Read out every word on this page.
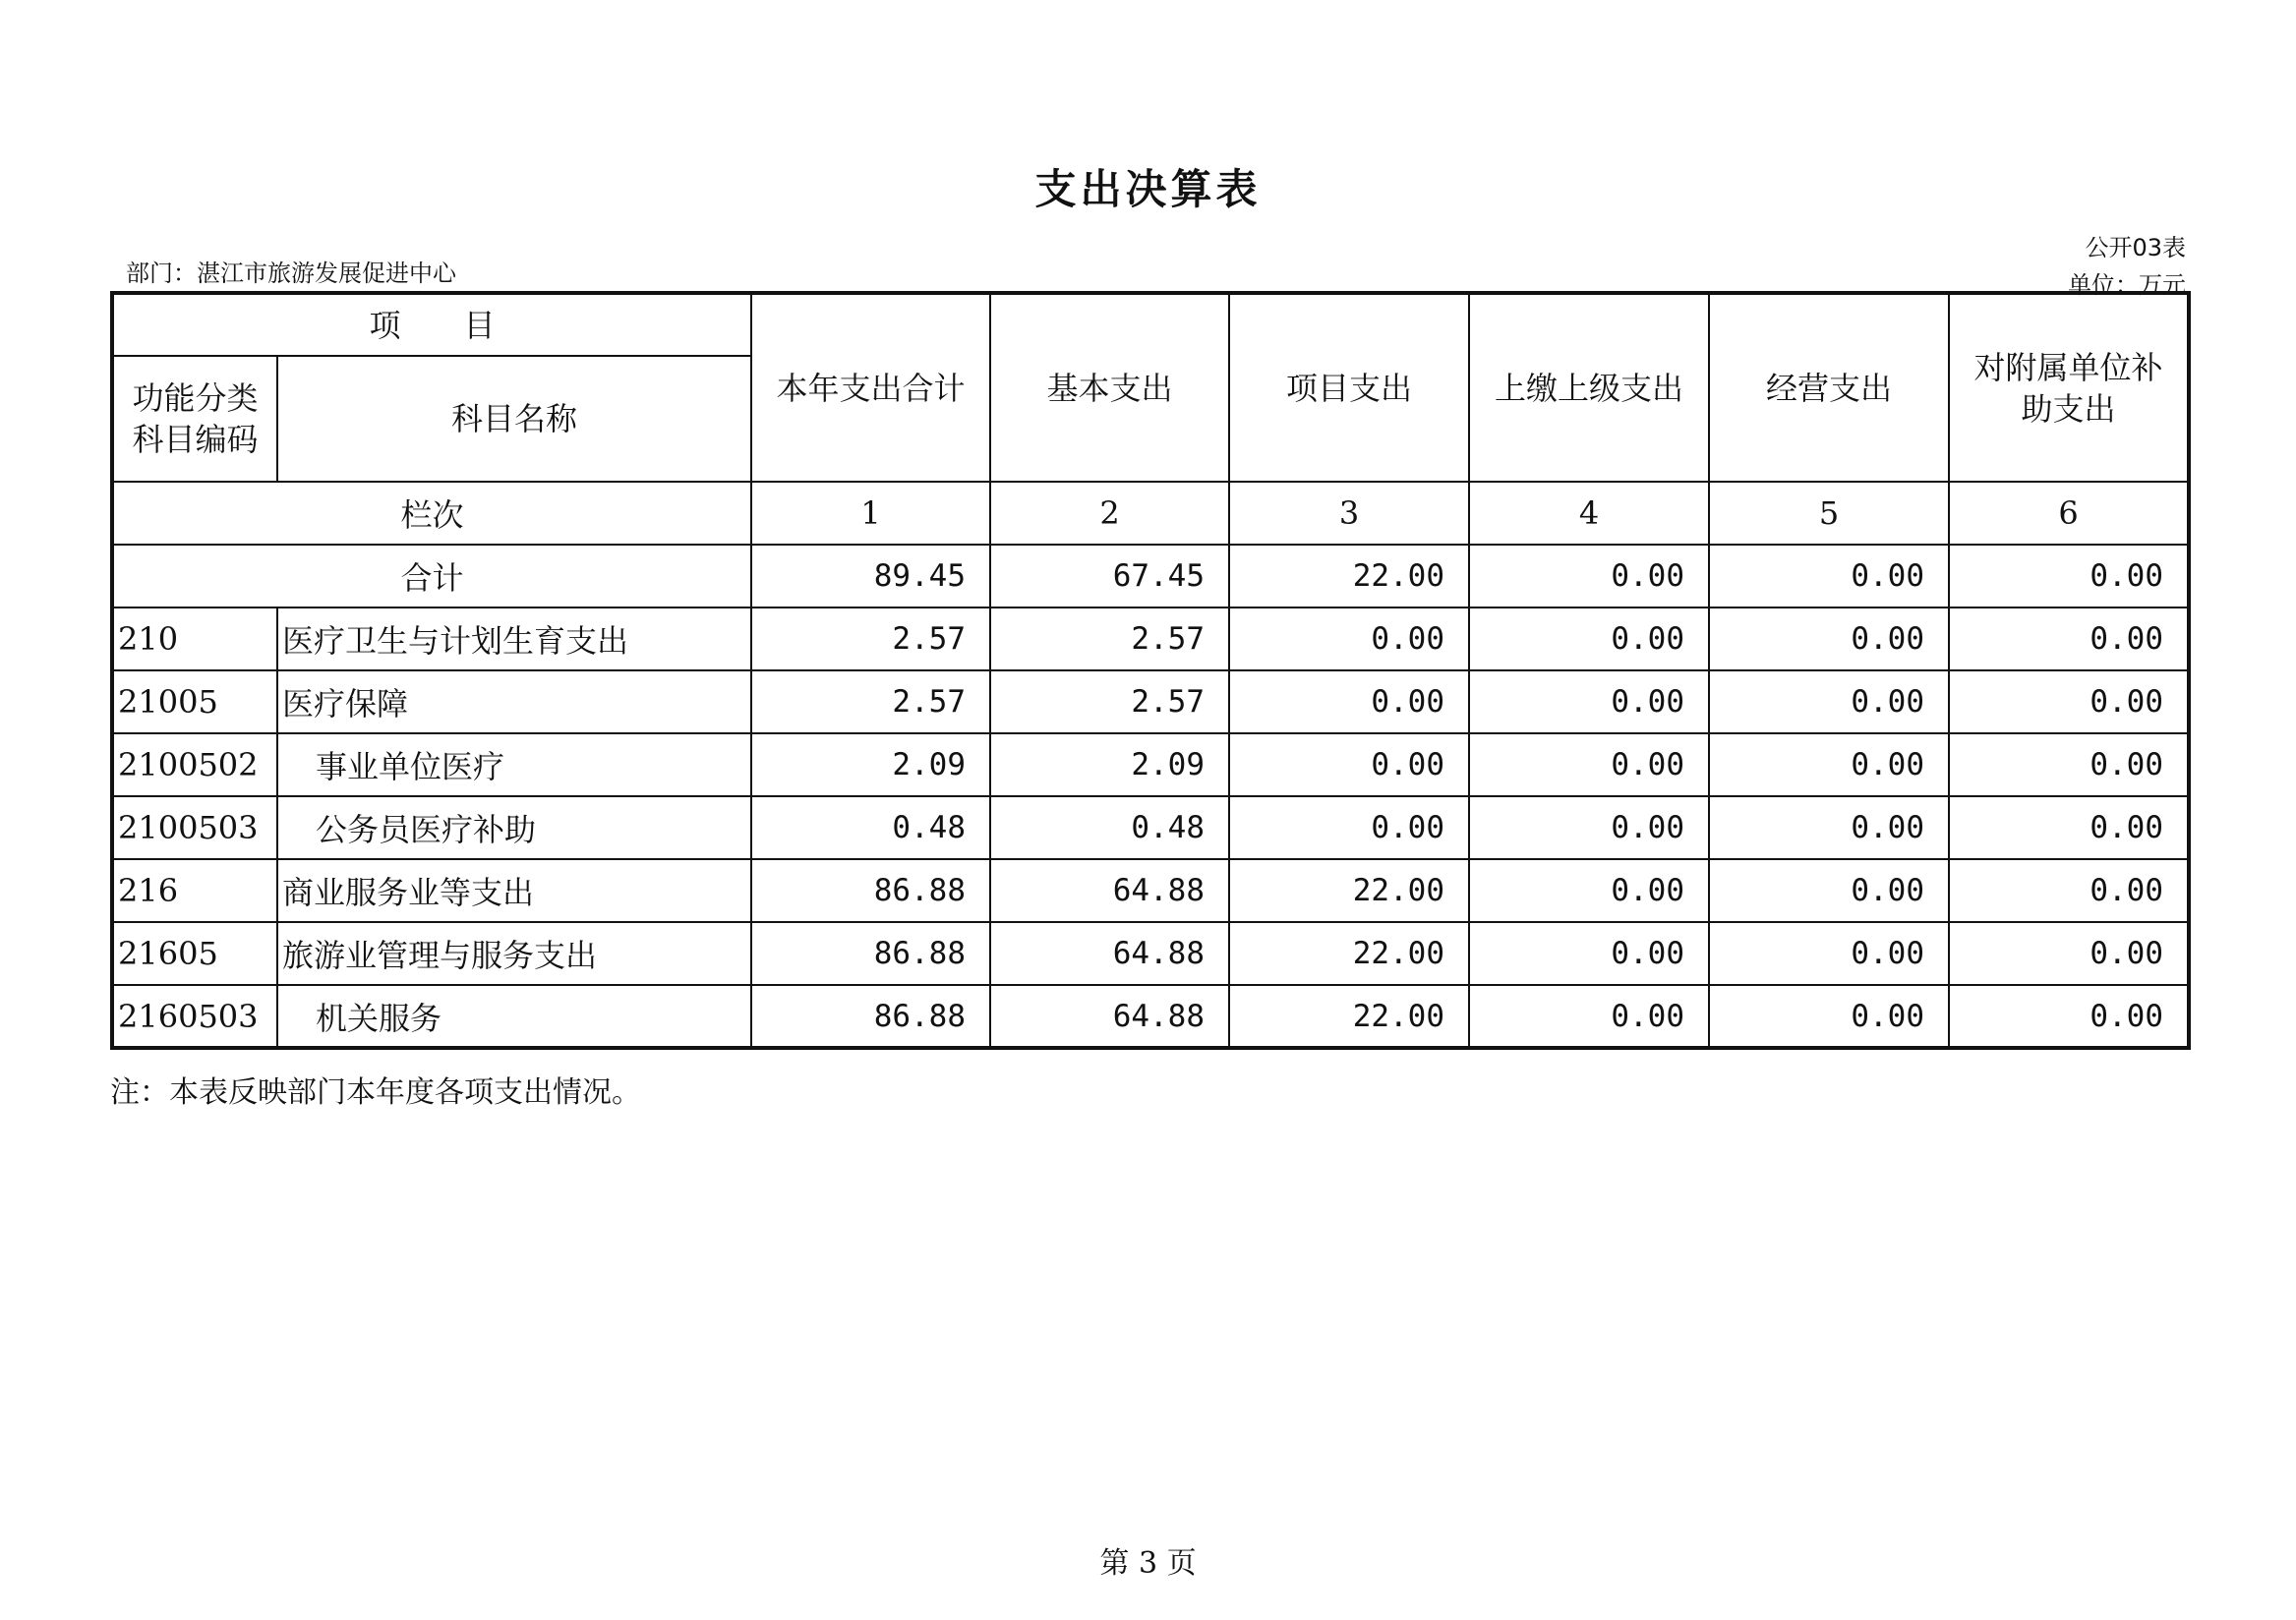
支出决算表
部门：湛江市旅游发展促进中心
公开03表
单位：万元
项　　目		本年支出合计	基本支出	项目支出	上缴上级支出	经营支出	对附属单位补助支出
功能分类科目编码	科目名称						
栏次		1	2	3	4	5	6
合计		89.45	67.45	22.00	0.00	0.00	0.00
210	医疗卫生与计划生育支出	2.57	2.57	0.00	0.00	0.00	0.00
21005	医疗保障	2.57	2.57	0.00	0.00	0.00	0.00
2100502	事业单位医疗	2.09	2.09	0.00	0.00	0.00	0.00
2100503	公务员医疗补助	0.48	0.48	0.00	0.00	0.00	0.00
216	商业服务业等支出	86.88	64.88	22.00	0.00	0.00	0.00
21605	旅游业管理与服务支出	86.88	64.88	22.00	0.00	0.00	0.00
2160503	机关服务	86.88	64.88	22.00	0.00	0.00	0.00
注：本表反映部门本年度各项支出情况。
第 3 页
